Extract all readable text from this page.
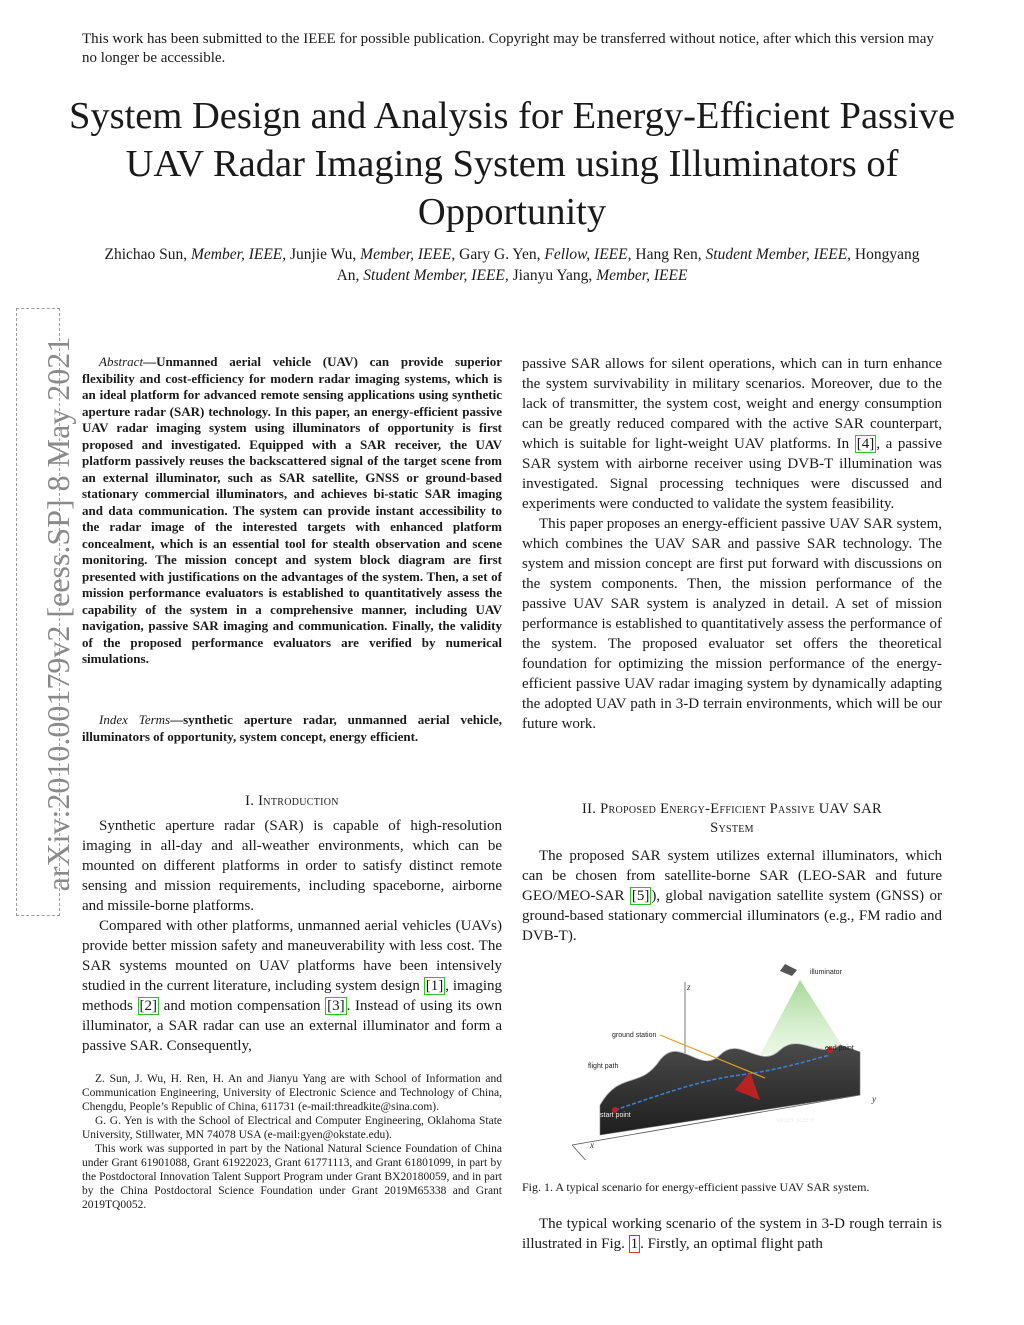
This work has been submitted to the IEEE for possible publication. Copyright may be transferred without notice, after which this version may no longer be accessible.
System Design and Analysis for Energy-Efficient Passive UAV Radar Imaging System using Illuminators of Opportunity
Zhichao Sun, Member, IEEE, Junjie Wu, Member, IEEE, Gary G. Yen, Fellow, IEEE, Hang Ren, Student Member, IEEE, Hongyang An, Student Member, IEEE, Jianyu Yang, Member, IEEE
arXiv:2010.00179v2 [eess.SP] 8 May 2021	Abstract—Unmanned aerial vehicle (UAV) can provide superior flexibility and cost-efficiency for modern radar imaging systems, which is an ideal platform for advanced remote sensing applications using synthetic aperture radar (SAR) technology. In this paper, an energy-efficient passive UAV radar imaging system using illuminators of opportunity is first proposed and investigated. Equipped with a SAR receiver, the UAV platform passively reuses the backscattered signal of the target scene from an external illuminator, such as SAR satellite, GNSS or ground-based stationary commercial illuminators, and achieves bi-static SAR imaging and data communication. The system can provide instant accessibility to the radar image of the interested targets with enhanced platform concealment, which is an essential tool for stealth observation and scene monitoring. The mission concept and system block diagram are first presented with justifications on the advantages of the system. Then, a set of mission performance evaluators is established to quantitatively assess the capability of the system in a comprehensive manner, including UAV navigation, passive SAR imaging and communication. Finally, the validity of the proposed performance evaluators are verified by numerical simulations.
Index Terms—synthetic aperture radar, unmanned aerial vehicle, illuminators of opportunity, system concept, energy efficient.
I. Introduction

Synthetic aperture radar (SAR) is capable of high-resolution imaging in all-day and all-weather environments, which can be mounted on different platforms in order to satisfy distinct remote sensing and mission requirements, including spaceborne, airborne and missile-borne platforms.

Compared with other platforms, unmanned aerial vehicles (UAVs) provide better mission safety and maneuverability with less cost. The SAR systems mounted on UAV platforms have been intensively studied in the current literature, including system design [1] , imaging methods [2] and motion compensation [3] . Instead of using its own illuminator, a SAR radar can use an external illuminator and form a passive SAR. Consequently,

Z. Sun, J. Wu, H. Ren, H. An and Jianyu Yang are with School of Information and Communication Engineering, University of Electronic Science and Technology of China, Chengdu, People’s Republic of China, 611731 (e-mail:threadkite@sina.com).

G. G. Yen is with the School of Electrical and Computer Engineering, Oklahoma State University, Stillwater, MN 74078 USA (e-mail:gyen@okstate.edu).

This work was supported in part by the National Natural Science Foundation of China under Grant 61901088, Grant 61922023, Grant 61771113, and Grant 61801099, in part by the Postdoctoral Innovation Talent Support Program under Grant BX20180059, and in part by the China Postdoctoral Science Foundation under Grant 2019M65338 and Grant 2019TQ0052.

passive SAR allows for silent operations, which can in turn enhance the system survivability in military scenarios. Moreover, due to the lack of transmitter, the system cost, weight and energy consumption can be greatly reduced compared with the active SAR counterpart, which is suitable for light-weight UAV platforms. In [4] , a passive SAR system with airborne receiver using DVB-T illumination was investigated. Signal processing techniques were discussed and experiments were conducted to validate the system feasibility.

This paper proposes an energy-efficient passive UAV SAR system, which combines the UAV SAR and passive SAR technology. The system and mission concept are first put forward with discussions on the system components. Then, the mission performance of the passive UAV SAR system is analyzed in detail. A set of mission performance is established to quantitatively assess the performance of the system. The proposed evaluator set offers the theoretical foundation for optimizing the mission performance of the energy-efficient passive UAV radar imaging system by dynamically adapting the adopted UAV path in 3-D terrain environments, which will be our future work.

II. Proposed Energy-Efficient Passive UAV SAR
System

The proposed SAR system utilizes external illuminators, which can be chosen from satellite-borne SAR (LEO-SAR and future GEO/MEO-SAR [5] ), global navigation satellite system (GNSS) or ground-based stationary commercial illuminators (e.g., FM radio and DVB-T).

z
y
x
illuminator
ground station
flight path
end point
start point
target scene
Fig. 1. A typical scenario for energy-efficient passive UAV SAR system.

The typical working scenario of the system in 3-D rough terrain is illustrated in Fig. 1 . Firstly, an optimal flight path
